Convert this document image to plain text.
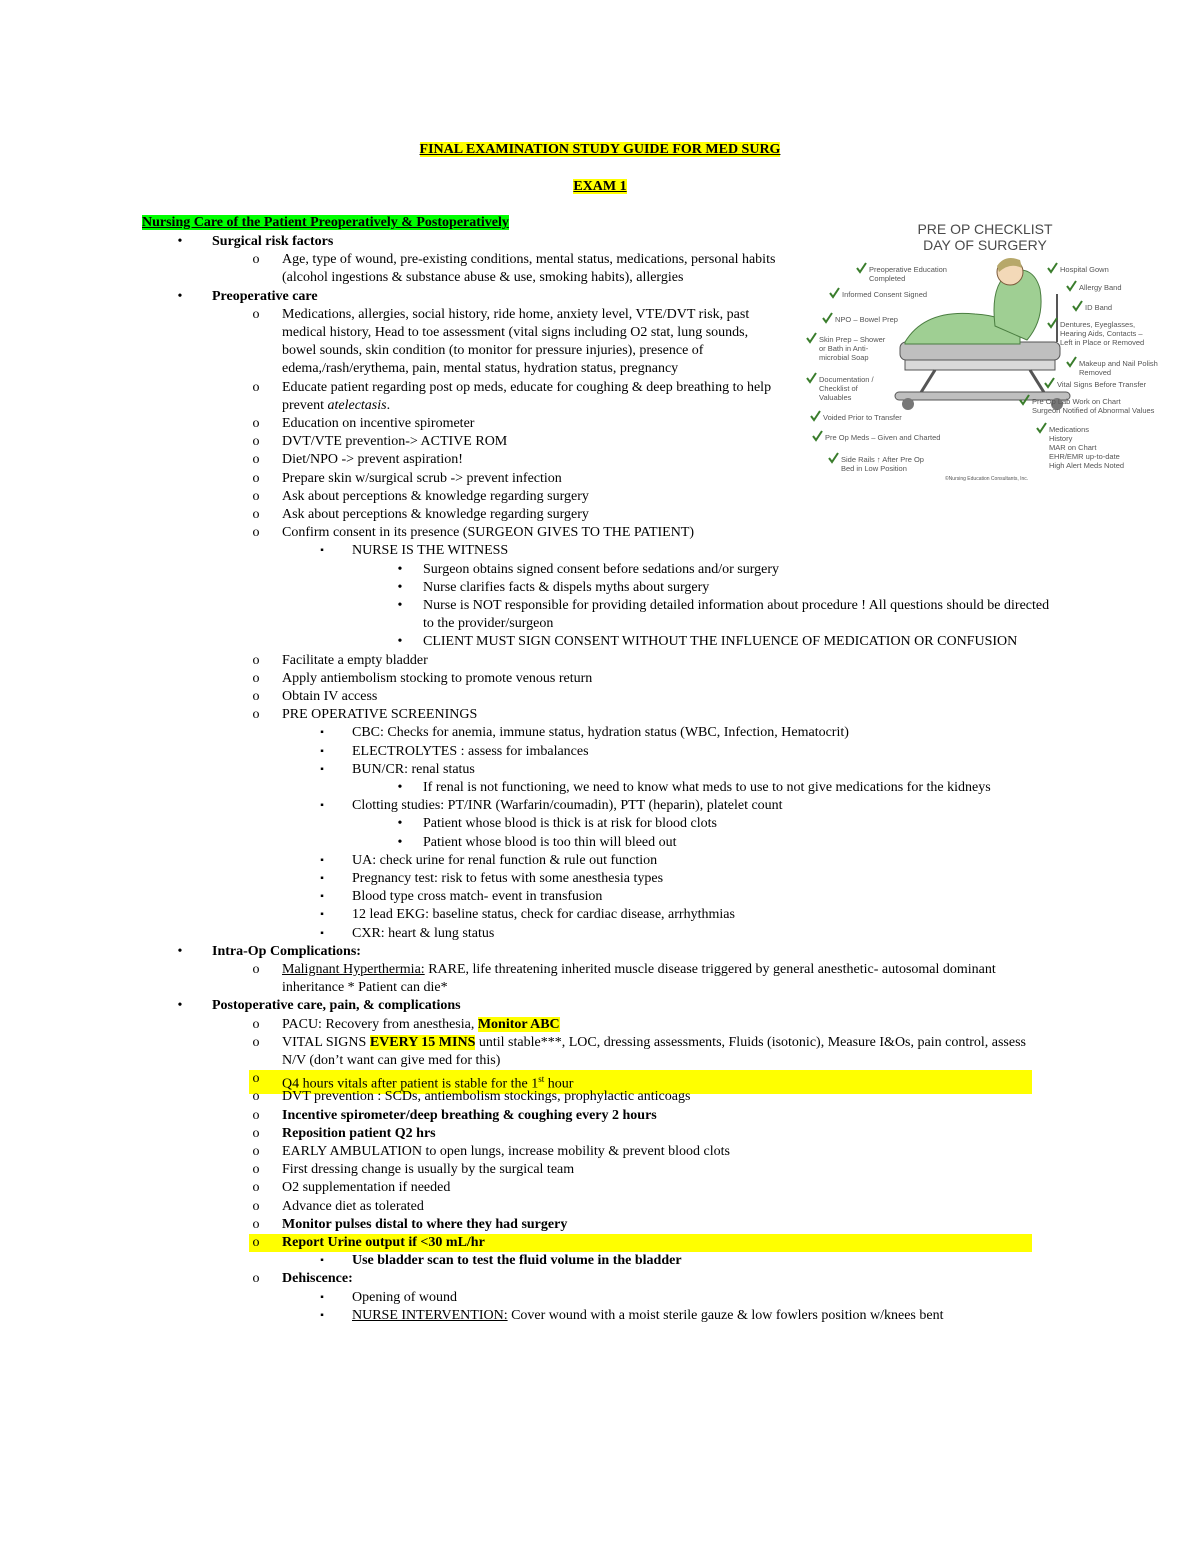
FINAL EXAMINATION STUDY GUIDE FOR MED SURG
EXAM 1
Nursing Care of the Patient Preoperatively & Postoperatively
•	Surgical risk factors
o Age, type of wound, pre-existing conditions, mental status, medications, personal habits (alcohol ingestions & substance abuse & use, smoking habits), allergies
•	Preoperative care
o Medications, allergies, social history, ride home, anxiety level, VTE/DVT risk, past medical history, Head to toe assessment (vital signs including O2 stat, lung sounds, bowel sounds, skin condition (to monitor for pressure injuries), presence of edema,/rash/erythema, pain, mental status, hydration status, pregnancy
o Educate patient regarding post op meds, educate for coughing & deep breathing to help prevent atelectasis.
o Education on incentive spirometer
o DVT/VTE prevention-> ACTIVE ROM
o Diet/NPO -> prevent aspiration!
o Prepare skin w/surgical scrub -> prevent infection
o Ask about perceptions & knowledge regarding surgery
o Ask about perceptions & knowledge regarding surgery
o Confirm consent in its presence (SURGEON GIVES TO THE PATIENT)
▪	NURSE IS THE WITNESS
•	Surgeon obtains signed consent before sedations and/or surgery
•	Nurse clarifies facts & dispels myths about surgery
•	Nurse is NOT responsible for providing detailed information about procedure ! All questions should be directed to the provider/surgeon
•	CLIENT MUST SIGN CONSENT WITHOUT THE INFLUENCE OF MEDICATION OR CONFUSION
o Facilitate a empty bladder
o Apply antiembolism stocking to promote venous return
o Obtain IV access
o PRE OPERATIVE SCREENINGS
▪	CBC: Checks for anemia, immune status, hydration status (WBC, Infection, Hematocrit)
▪	ELECTROLYTES : assess for imbalances
▪	BUN/CR: renal status
•	If renal is not functioning, we need to know what meds to use to not give medications for the kidneys
▪	Clotting studies: PT/INR (Warfarin/coumadin), PTT (heparin), platelet count
•	Patient whose blood is thick is at risk for blood clots
•	Patient whose blood is too thin will bleed out
▪	UA: check urine for renal function & rule out function
▪	Pregnancy test: risk to fetus with some anesthesia types
▪	Blood type cross match- event in transfusion
▪	12 lead EKG: baseline status, check for cardiac disease, arrhythmias
▪	CXR: heart & lung status
•	Intra-Op Complications:
o Malignant Hyperthermia: RARE, life threatening inherited muscle disease triggered by general anesthetic- autosomal dominant inheritance * Patient can die*
•	Postoperative care, pain, & complications
o PACU: Recovery from anesthesia, Monitor ABC
o VITAL SIGNS EVERY 15 MINS until stable***, LOC, dressing assessments, Fluids (isotonic), Measure I&Os, pain control, assess N/V (don’t want can give med for this)
o Q4 hours vitals after patient is stable for the 1st hour
o DVT prevention : SCDs, antiembolism stockings, prophylactic anticoags
o Incentive spirometer/deep breathing & coughing every 2 hours
o Reposition patient Q2 hrs
o EARLY AMBULATION to open lungs, increase mobility & prevent blood clots
o First dressing change is usually by the surgical team
o O2 supplementation if needed
o Advance diet as tolerated
o Monitor pulses distal to where they had surgery
o Report Urine output if <30 mL/hr
▪	Use bladder scan to test the fluid volume in the bladder
o Dehiscence:
▪	Opening of wound
▪	NURSE INTERVENTION: Cover wound with a moist sterile gauze & low fowlers position w/knees bent
PRE OP CHECKLIST
DAY OF SURGERY
Preoperative Education
Completed
Informed Consent Signed
NPO – Bowel Prep
Skin Prep – Shower
or Bath in Anti-
microbial Soap
Documentation /
Checklist of
Valuables
Voided Prior to Transfer
Pre Op Meds – Given and Charted
Side Rails ↑ After Pre Op
Bed in Low Position
Hospital Gown
Allergy Band
ID Band
Dentures, Eyeglasses,
Hearing Aids, Contacts –
Left in Place or Removed
Makeup and Nail Polish
Removed
Vital Signs Before Transfer
Pre Op Lab Work on Chart
Surgeon Notified of Abnormal Values
Medications
History
MAR on Chart
EHR/EMR up-to-date
High Alert Meds Noted
©Nursing Education Consultants, Inc.
